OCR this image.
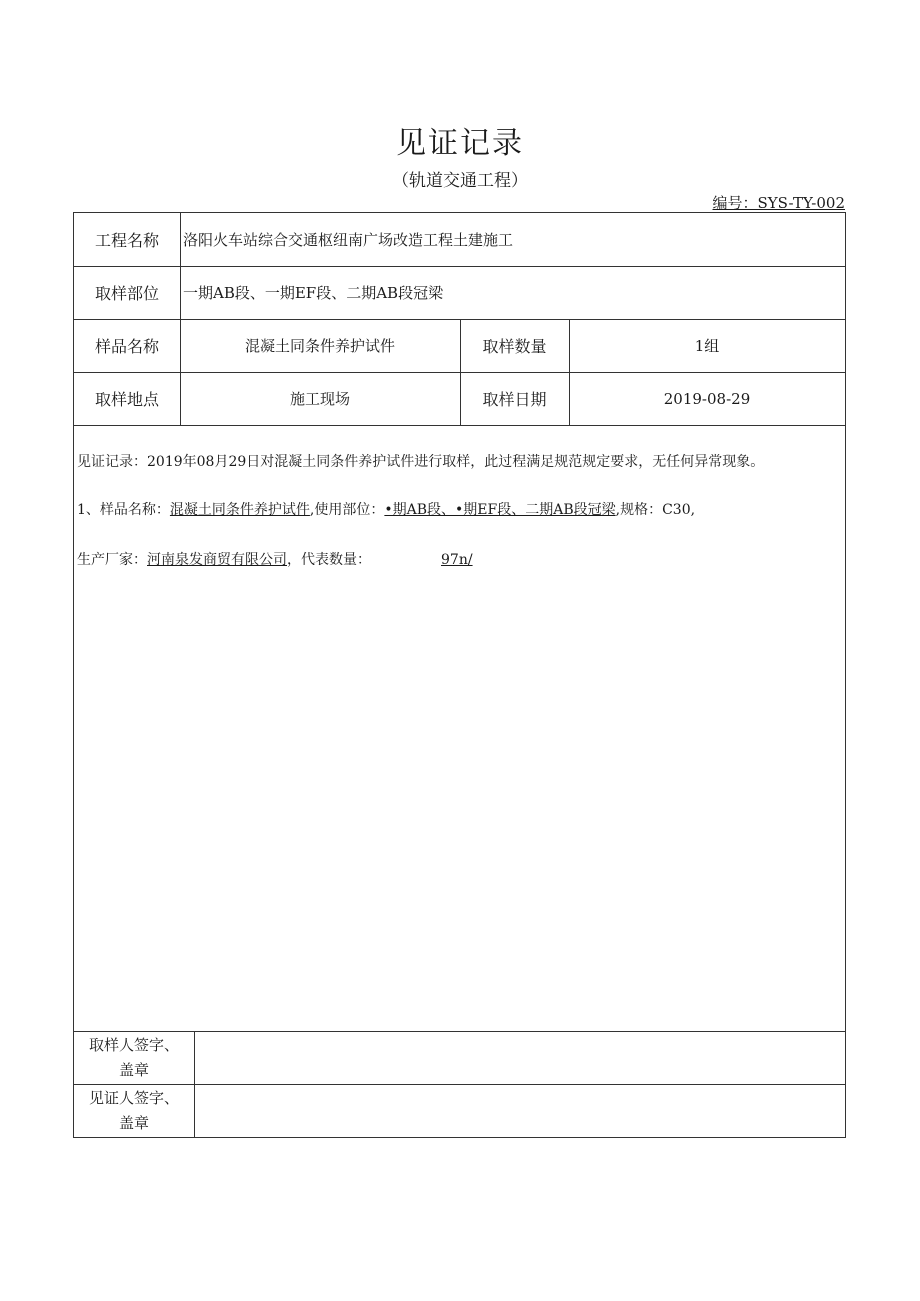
见证记录
（轨道交通工程）
编号：SYS-TY-002
工程名称	洛阳火车站综合交通枢纽南广场改造工程土建施工
取样部位	一期AB段、一期EF段、二期AB段冠梁
样品名称	混凝土同条件养护试件	取样数量	1组
取样地点	施工现场	取样日期	2019-08-29
见证记录：2019年08月29日对混凝土同条件养护试件进行取样，此过程满足规范规定要求，无任何异常现象。
1、样品名称：混凝土同条件养护试件,使用部位：•期AB段、•期EF段、二期AB段冠梁,规格：C30,
生产厂家：河南泉发商贸有限公司，代表数量：	97n/
取样人签字、
盖章
见证人签字、
盖章
